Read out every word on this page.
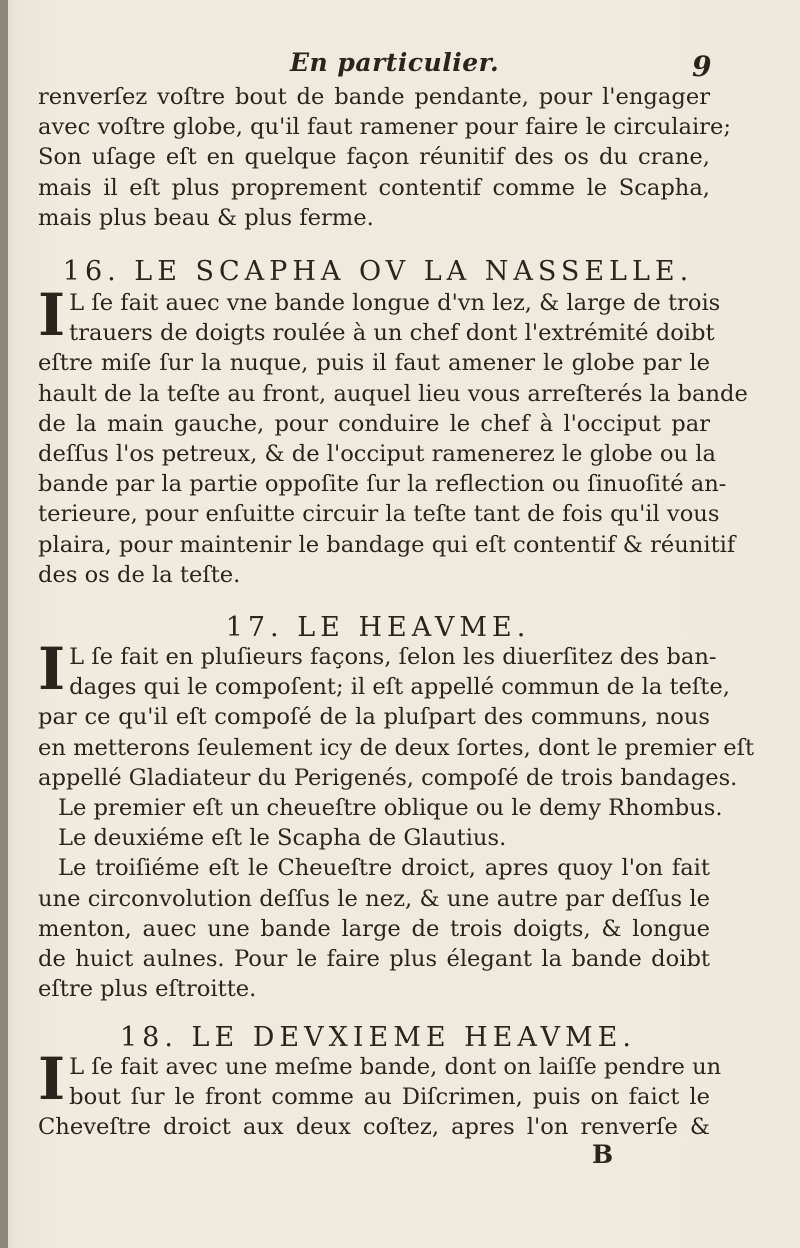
En particulier.	9
renverſez voſtre bout de bande pendante, pour l'engager
avec voſtre globe, qu'il faut ramener pour faire le circulaire;
Son uſage eſt en quelque façon réunitif des os du crane,
mais il eſt plus proprement contentif comme le Scapha,
mais plus beau & plus ferme.
16. LE SCAPHA OV LA NASSELLE.
I L ſe fait auec vne bande longue d'vn lez, & large de trois
trauers de doigts roulée à un chef dont l'extrémité doibt
eſtre miſe ſur la nuque, puis il faut amener le globe par le
hault de la teſte au front, auquel lieu vous arreſterés la bande
de la main gauche, pour conduire le chef à l'occiput par
deſſus l'os petreux, & de l'occiput ramenerez le globe ou la
bande par la partie oppoſite ſur la reflection ou ſinuoſité an-
terieure, pour enſuitte circuir la teſte tant de fois qu'il vous
plaira, pour maintenir le bandage qui eſt contentif & réunitif
des os de la teſte.
17. LE HEAVME.
I L ſe fait en pluſieurs façons, ſelon les diuerſitez des ban-
dages qui le compoſent; il eſt appellé commun de la teſte,
par ce qu'il eſt compoſé de la pluſpart des communs, nous
en metterons ſeulement icy de deux ſortes, dont le premier eſt
appellé Gladiateur du Perigenés, compoſé de trois bandages.
Le premier eſt un cheueſtre oblique ou le demy Rhombus.
Le deuxiéme eſt le Scapha de Glautius.
Le troiſiéme eſt le Cheueſtre droict, apres quoy l'on fait
une circonvolution deſſus le nez, & une autre par deſſus le
menton, auec une bande large de trois doigts, & longue
de huict aulnes. Pour le faire plus élegant la bande doibt
eſtre plus eſtroitte.
18. LE DEVXIEME HEAVME.
I L ſe fait avec une meſme bande, dont on laiſſe pendre un
bout ſur le front comme au Diſcrimen, puis on faict le
Cheveſtre droict aux deux coſtez, apres l'on renverſe &
B
